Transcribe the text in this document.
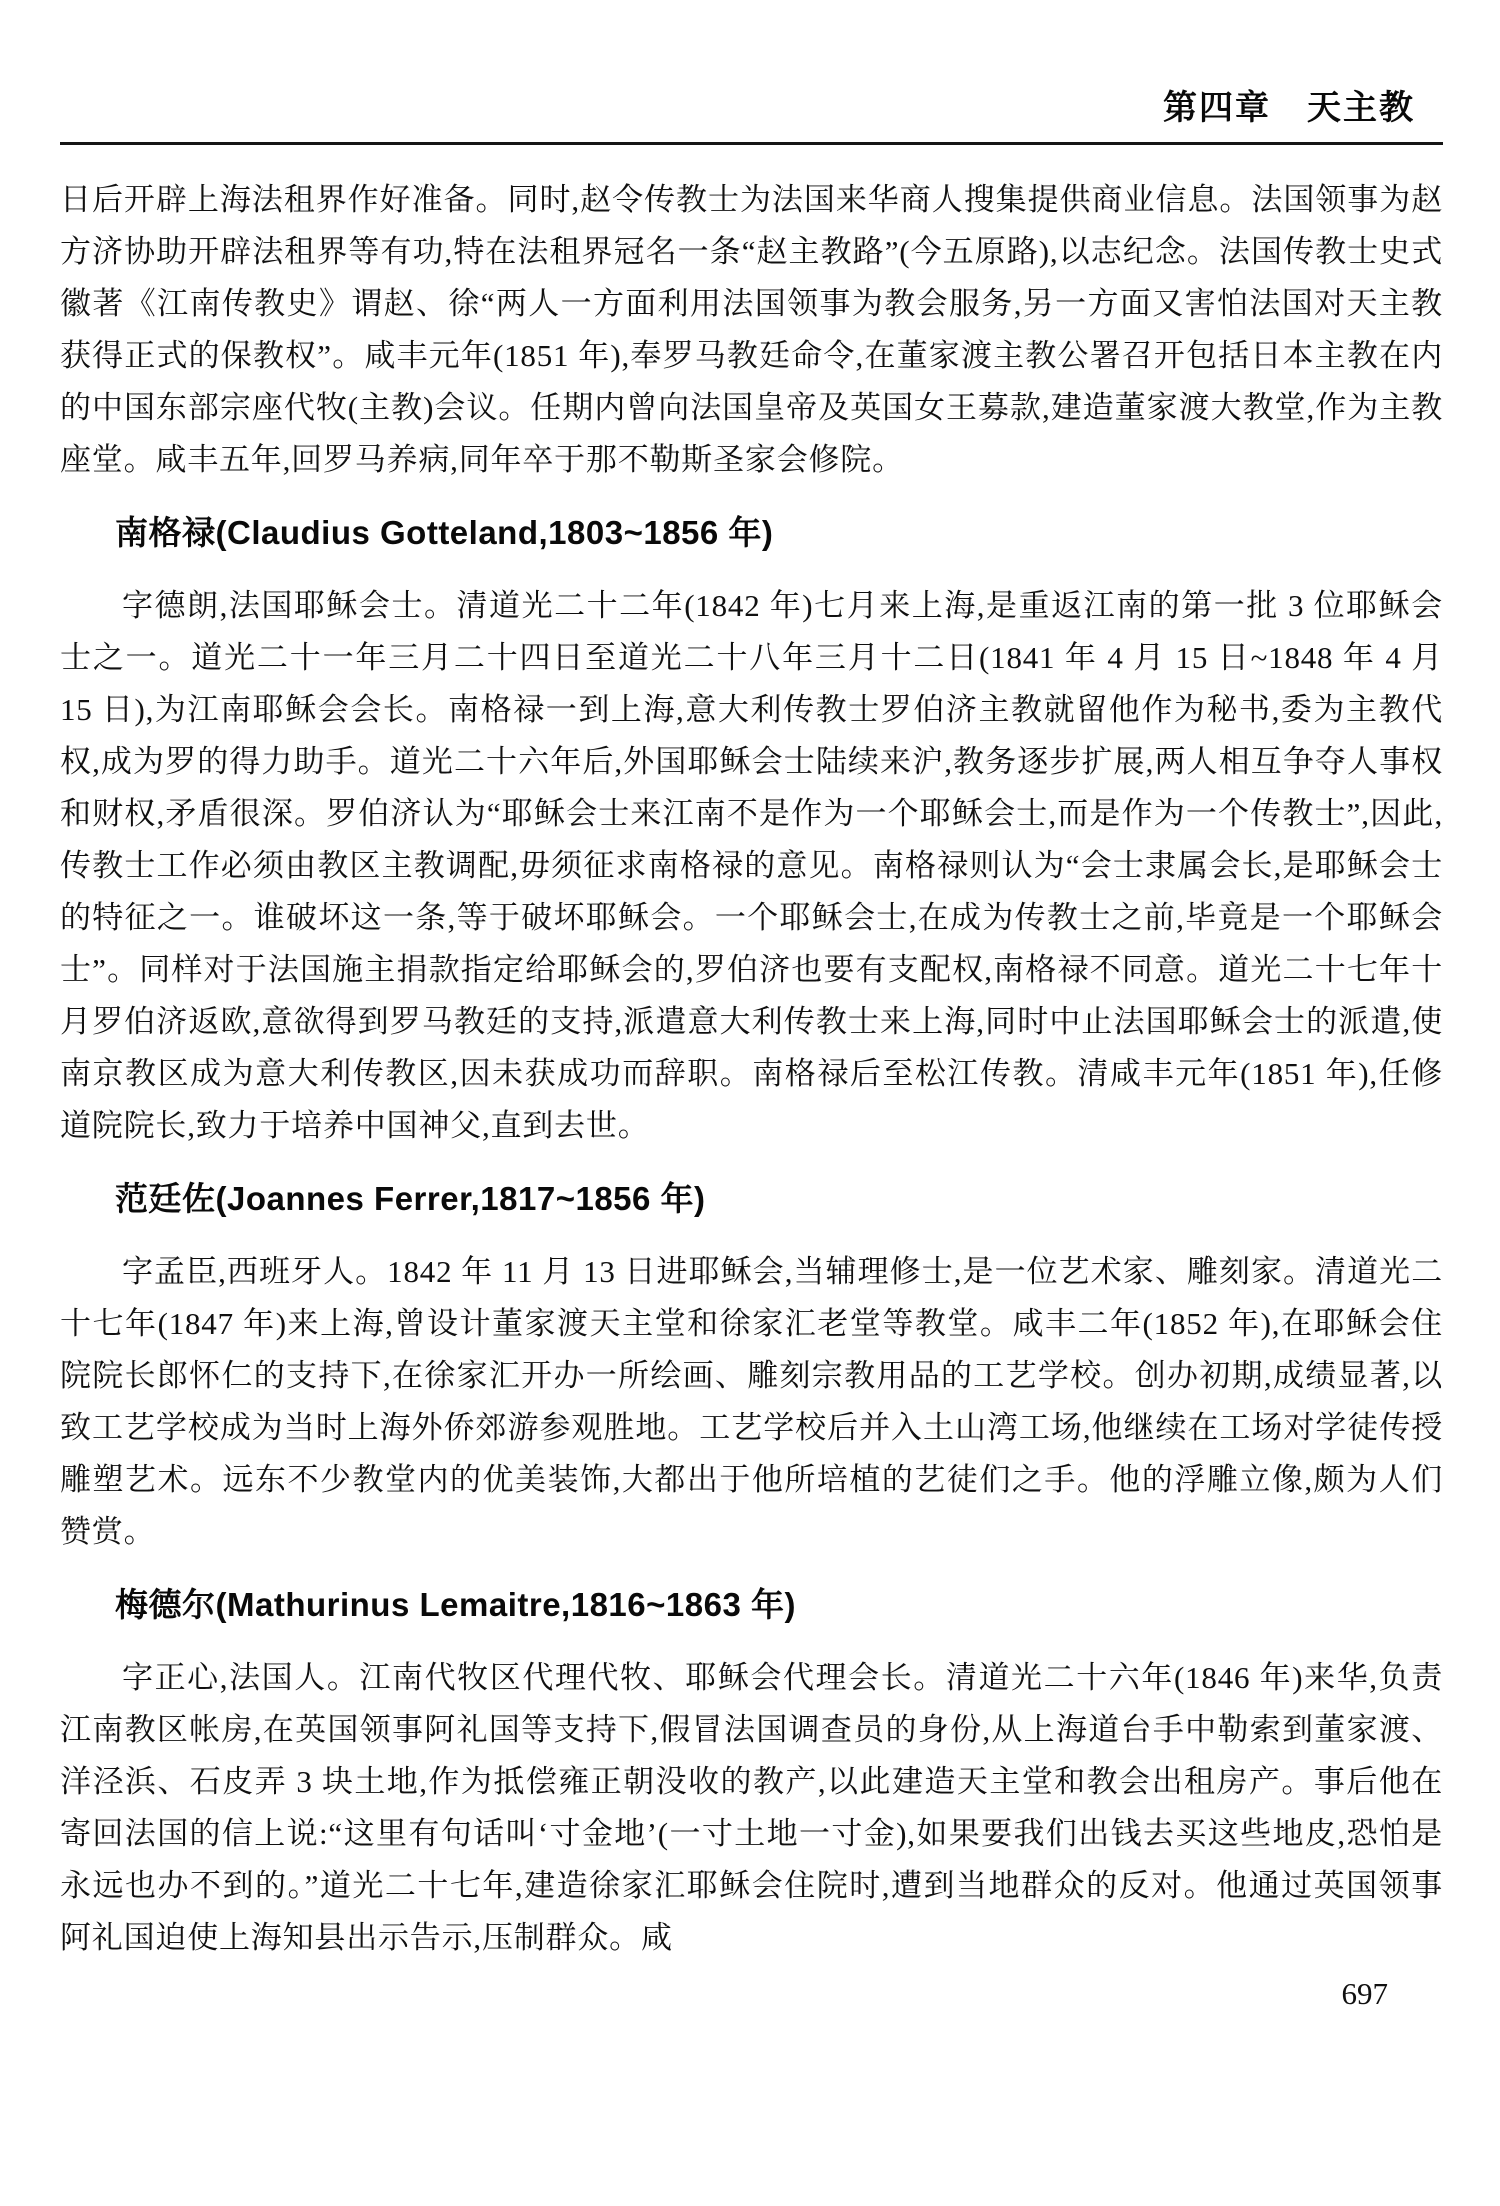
第四章　天主教

日后开辟上海法租界作好准备。同时,赵令传教士为法国来华商人搜集提供商业信息。法国领事为赵方济协助开辟法租界等有功,特在法租界冠名一条“赵主教路”(今五原路),以志纪念。法国传教士史式徽著《江南传教史》谓赵、徐“两人一方面利用法国领事为教会服务,另一方面又害怕法国对天主教获得正式的保教权”。咸丰元年(1851 年),奉罗马教廷命令,在董家渡主教公署召开包括日本主教在内的中国东部宗座代牧(主教)会议。任期内曾向法国皇帝及英国女王募款,建造董家渡大教堂,作为主教座堂。咸丰五年,回罗马养病,同年卒于那不勒斯圣家会修院。

南格禄(Claudius Gotteland,1803~1856 年)

字德朗,法国耶稣会士。清道光二十二年(1842 年)七月来上海,是重返江南的第一批 3 位耶稣会士之一。道光二十一年三月二十四日至道光二十八年三月十二日(1841 年 4 月 15 日~1848 年 4 月 15 日),为江南耶稣会会长。南格禄一到上海,意大利传教士罗伯济主教就留他作为秘书,委为主教代权,成为罗的得力助手。道光二十六年后,外国耶稣会士陆续来沪,教务逐步扩展,两人相互争夺人事权和财权,矛盾很深。罗伯济认为“耶稣会士来江南不是作为一个耶稣会士,而是作为一个传教士”,因此,传教士工作必须由教区主教调配,毋须征求南格禄的意见。南格禄则认为“会士隶属会长,是耶稣会士的特征之一。谁破坏这一条,等于破坏耶稣会。一个耶稣会士,在成为传教士之前,毕竟是一个耶稣会士”。同样对于法国施主捐款指定给耶稣会的,罗伯济也要有支配权,南格禄不同意。道光二十七年十月罗伯济返欧,意欲得到罗马教廷的支持,派遣意大利传教士来上海,同时中止法国耶稣会士的派遣,使南京教区成为意大利传教区,因未获成功而辞职。南格禄后至松江传教。清咸丰元年(1851 年),任修道院院长,致力于培养中国神父,直到去世。

范廷佐(Joannes Ferrer,1817~1856 年)

字孟臣,西班牙人。1842 年 11 月 13 日进耶稣会,当辅理修士,是一位艺术家、雕刻家。清道光二十七年(1847 年)来上海,曾设计董家渡天主堂和徐家汇老堂等教堂。咸丰二年(1852 年),在耶稣会住院院长郎怀仁的支持下,在徐家汇开办一所绘画、雕刻宗教用品的工艺学校。创办初期,成绩显著,以致工艺学校成为当时上海外侨郊游参观胜地。工艺学校后并入土山湾工场,他继续在工场对学徒传授雕塑艺术。远东不少教堂内的优美装饰,大都出于他所培植的艺徒们之手。他的浮雕立像,颇为人们赞赏。

梅德尔(Mathurinus Lemaitre,1816~1863 年)

字正心,法国人。江南代牧区代理代牧、耶稣会代理会长。清道光二十六年(1846 年)来华,负责江南教区帐房,在英国领事阿礼国等支持下,假冒法国调查员的身份,从上海道台手中勒索到董家渡、洋泾浜、石皮弄 3 块土地,作为抵偿雍正朝没收的教产,以此建造天主堂和教会出租房产。事后他在寄回法国的信上说:“这里有句话叫‘寸金地’(一寸土地一寸金),如果要我们出钱去买这些地皮,恐怕是永远也办不到的。”道光二十七年,建造徐家汇耶稣会住院时,遭到当地群众的反对。他通过英国领事阿礼国迫使上海知县出示告示,压制群众。咸

697
